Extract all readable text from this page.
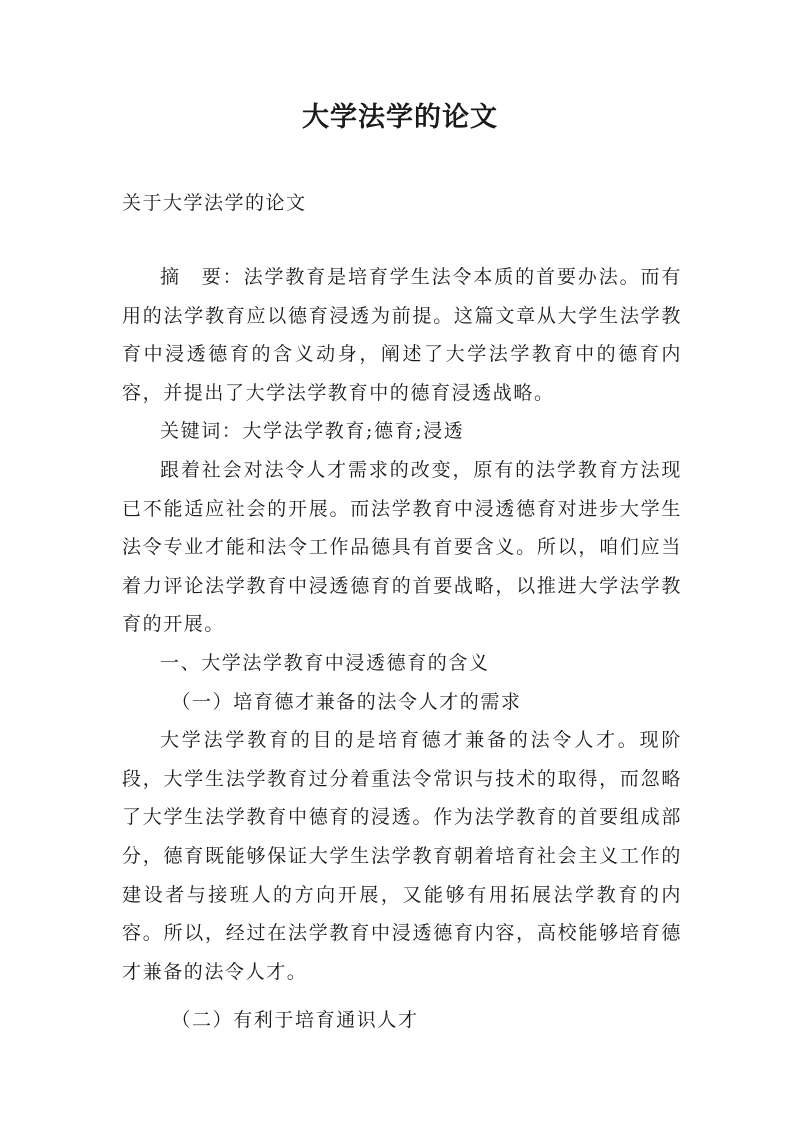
大学法学的论文
关于大学法学的论文

摘　要：法学教育是培育学生法令本质的首要办法。而有用的法学教育应以德育浸透为前提。这篇文章从大学生法学教育中浸透德育的含义动身，阐述了大学法学教育中的德育内容，并提出了大学法学教育中的德育浸透战略。

关键词：大学法学教育;德育;浸透

跟着社会对法令人才需求的改变，原有的法学教育方法现已不能适应社会的开展。而法学教育中浸透德育对进步大学生法令专业才能和法令工作品德具有首要含义。所以，咱们应当着力评论法学教育中浸透德育的首要战略，以推进大学法学教育的开展。

一、大学法学教育中浸透德育的含义

（一）培育德才兼备的法令人才的需求

大学法学教育的目的是培育德才兼备的法令人才。现阶段，大学生法学教育过分着重法令常识与技术的取得，而忽略了大学生法学教育中德育的浸透。作为法学教育的首要组成部分，德育既能够保证大学生法学教育朝着培育社会主义工作的建设者与接班人的方向开展，又能够有用拓展法学教育的内容。所以，经过在法学教育中浸透德育内容，高校能够培育德才兼备的法令人才。

（二）有利于培育通识人才
